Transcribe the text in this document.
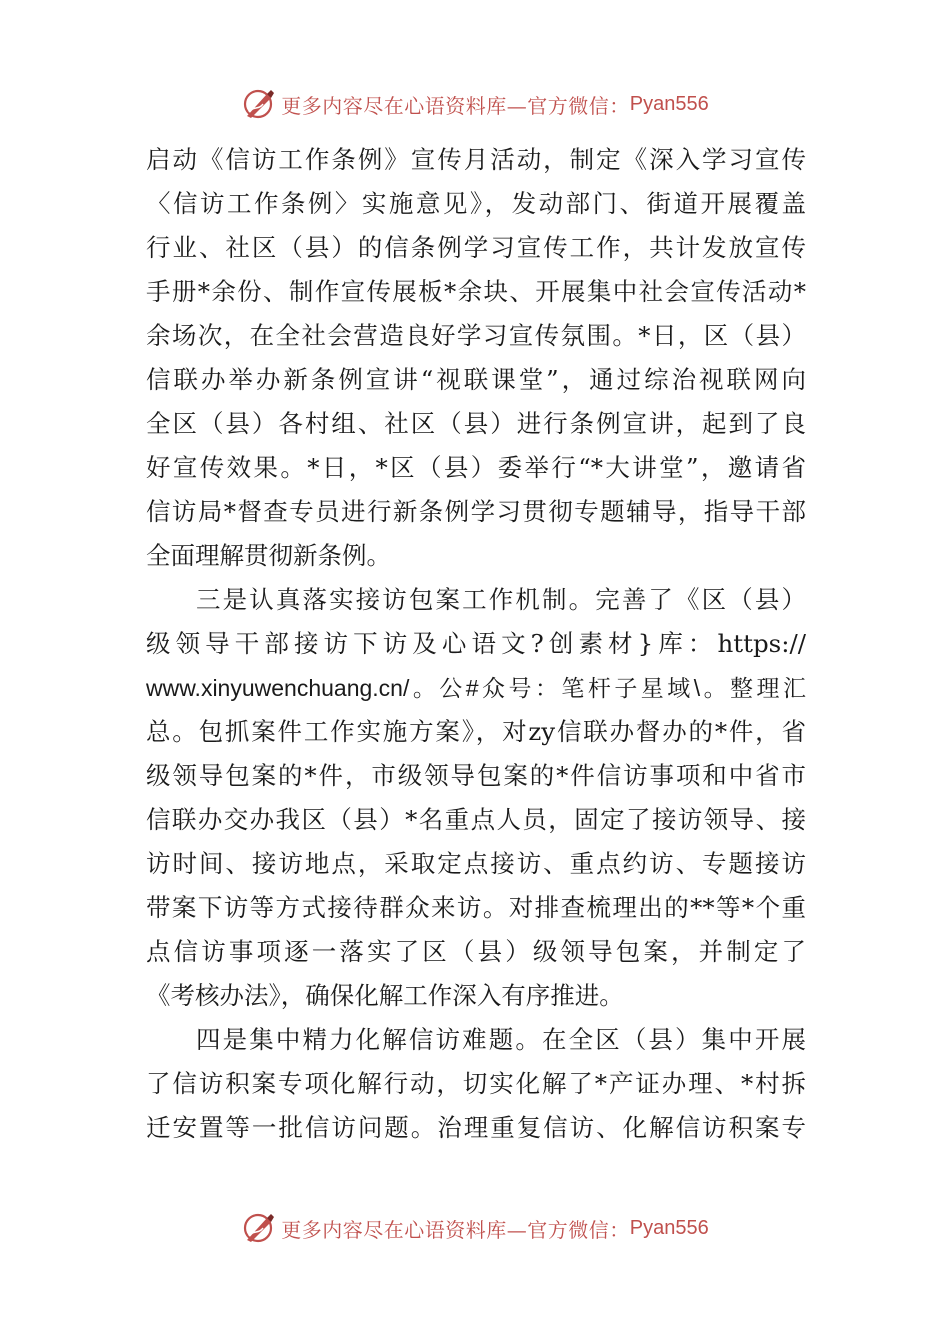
更多内容尽在心语资料库—官方微信： Pyan556
启动《信访工作条例》宣传月活动，制定《深入学习宣传
〈信访工作条例〉实施意见》，发动部门、街道开展覆盖
行业、社区（县）的信条例学习宣传工作，共计发放宣传
手册*余份、制作宣传展板*余块、开展集中社会宣传活动*
余场次，在全社会营造良好学习宣传氛围。*日，区（县）
信联办举办新条例宣讲“视联课堂”，通过综治视联网向
全区（县）各村组、社区（县）进行条例宣讲，起到了良
好宣传效果。*日，*区（县）委举行“*大讲堂”，邀请省
信访局*督查专员进行新条例学习贯彻专题辅导，指导干部
全面理解贯彻新条例。
三是认真落实接访包案工作机制。完善了《区（县）
级领导干部接访下访及心语文?创素材}库：https://
www.xinyuwenchuang.cn/。公#众号：笔杆子星域\。整理汇
总。包抓案件工作实施方案》，对zy信联办督办的*件，省
级领导包案的*件，市级领导包案的*件信访事项和中省市
信联办交办我区（县）*名重点人员，固定了接访领导、接
访时间、接访地点，采取定点接访、重点约访、专题接访
带案下访等方式接待群众来访。对排查梳理出的**等*个重
点信访事项逐一落实了区（县）级领导包案，并制定了
《考核办法》，确保化解工作深入有序推进。
四是集中精力化解信访难题。在全区（县）集中开展
了信访积案专项化解行动，切实化解了*产证办理、*村拆
迁安置等一批信访问题。治理重复信访、化解信访积案专
更多内容尽在心语资料库—官方微信： Pyan556
